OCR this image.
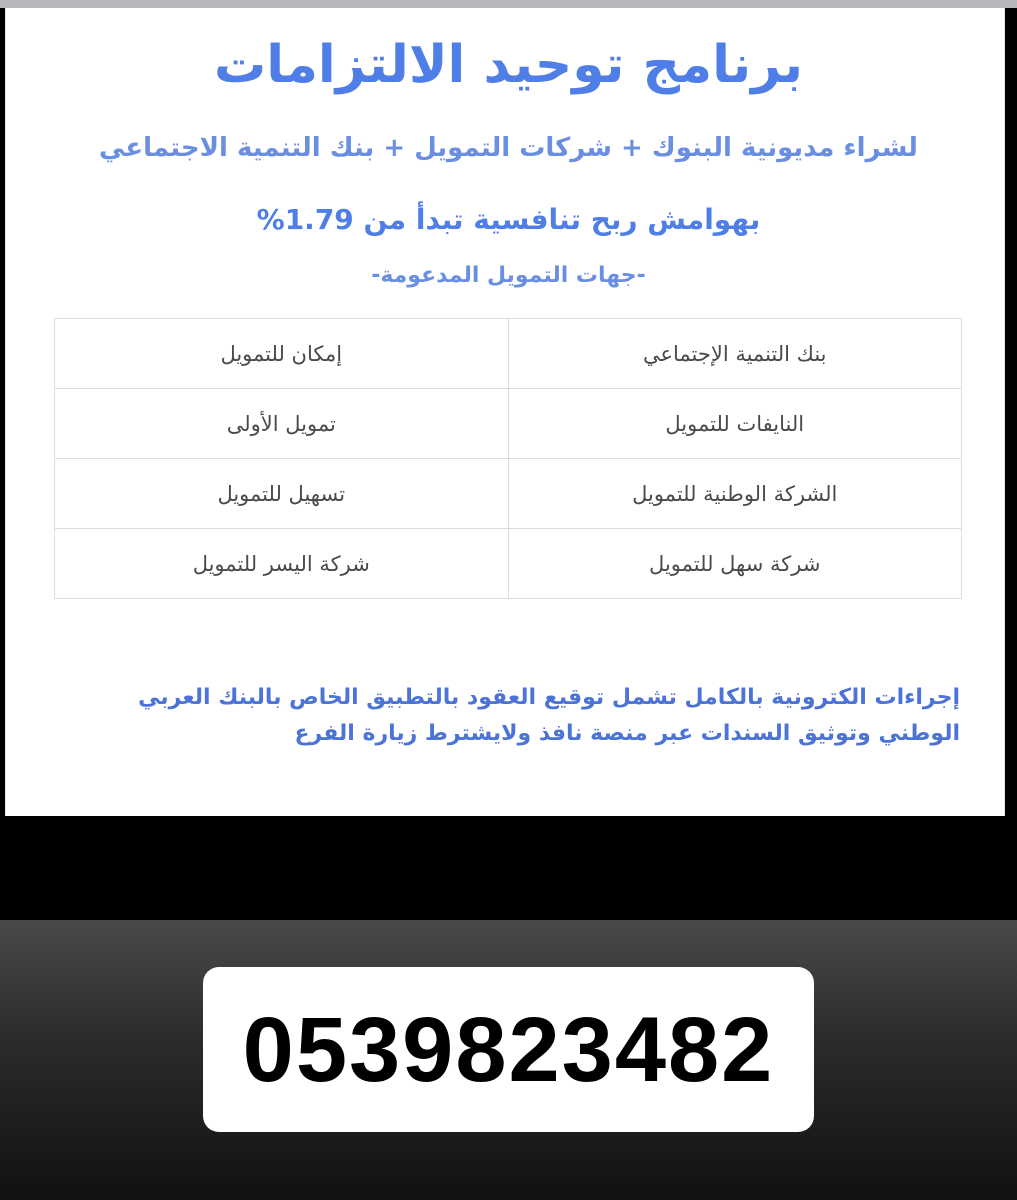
برنامج توحيد الالتزامات
لشراء مديونية البنوك + شركات التمويل + بنك التنمية الاجتماعي
بهوامش ربح تنافسية تبدأ من 1.79%
-جهات التمويل المدعومة-
بنك التنمية الإجتماعي	إمكان للتمويل
النايفات للتمويل	تمويل الأولى
الشركة الوطنية للتمويل	تسهيل للتمويل
شركة سهل للتمويل	شركة اليسر للتمويل
إجراءات الكترونية بالكامل تشمل توقيع العقود بالتطبيق الخاص بالبنك العربي
الوطني وتوثيق السندات عبر منصة نافذ ولايشترط زيارة الفرع
0539823482
